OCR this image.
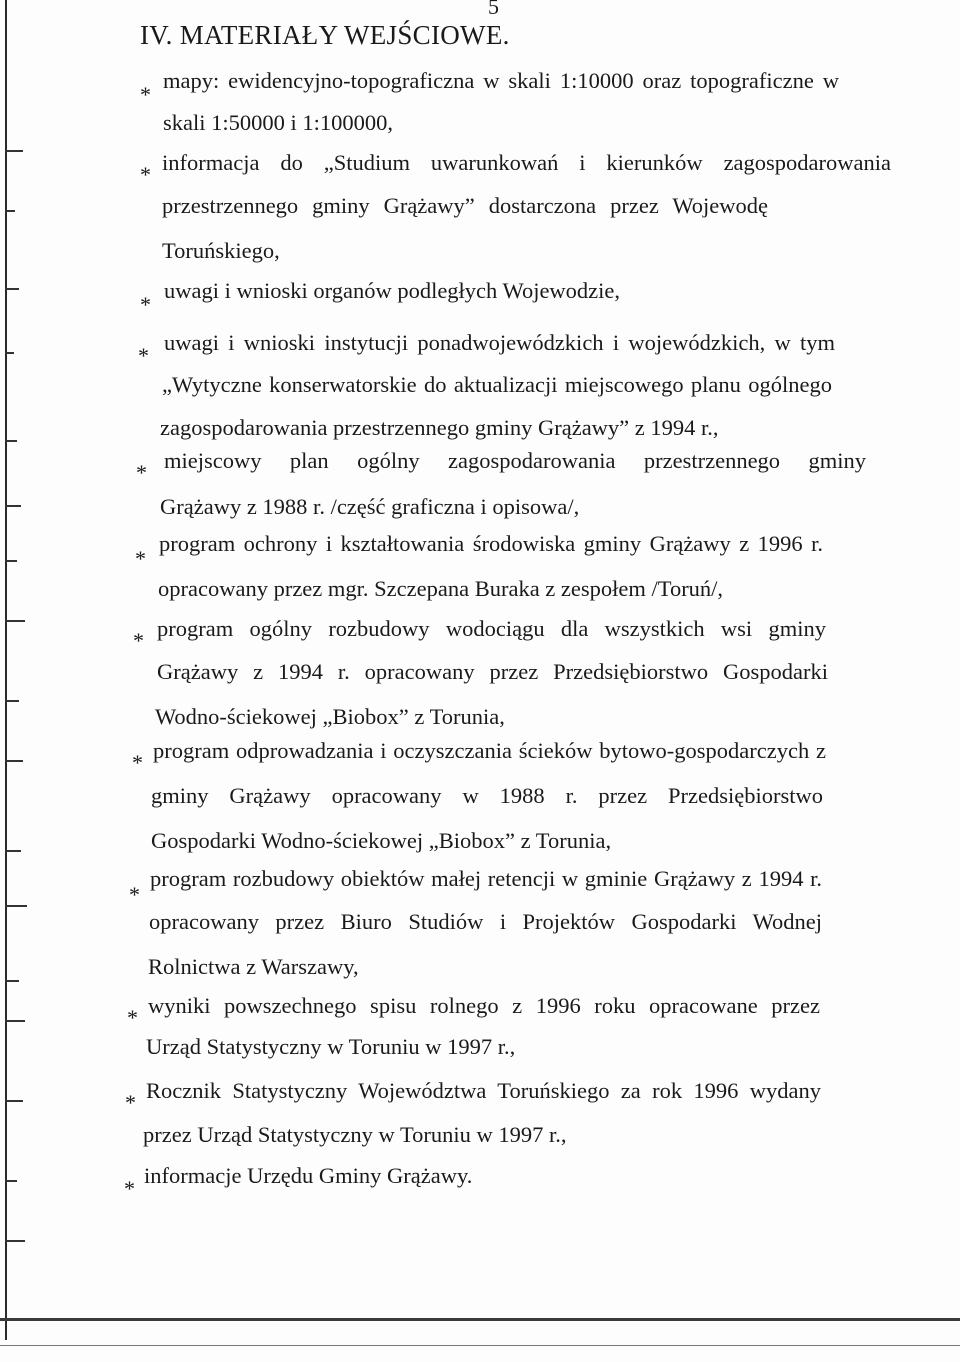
5
IV. MATERIAŁY WEJŚCIOWE.
*
mapy: ewidencyjno-topograficzna w skali 1:10000 oraz topograficzne w
skali 1:50000 i 1:100000,
* informacja do „Studium uwarunkowań i kierunków zagospodarowania
przestrzennego gminy Grążawy” dostarczona przez Wojewodę
Toruńskiego,
*
uwagi i wnioski organów podległych Wojewodzie,
*
uwagi i wnioski instytucji ponadwojewódzkich i wojewódzkich, w tym
„Wytyczne konserwatorskie do aktualizacji miejscowego planu ogólnego
zagospodarowania przestrzennego gminy Grążawy” z 1994 r.,
* miejscowy plan ogólny zagospodarowania przestrzennego gminy
Grążawy z 1988 r. /część graficzna i opisowa/,
*
program ochrony i kształtowania środowiska gminy Grążawy z 1996 r.
opracowany przez mgr. Szczepana Buraka z zespołem /Toruń/,
* program ogólny rozbudowy wodociągu dla wszystkich wsi gminy
Grążawy z 1994 r. opracowany przez Przedsiębiorstwo Gospodarki
Wodno-ściekowej „Biobox” z Torunia,
* program odprowadzania i oczyszczania ścieków bytowo-gospodarczych z
gminy Grążawy opracowany w 1988 r. przez Przedsiębiorstwo
Gospodarki Wodno-ściekowej „Biobox” z Torunia,
*
program rozbudowy obiektów małej retencji w gminie Grążawy z 1994 r.
opracowany przez Biuro Studiów i Projektów Gospodarki Wodnej
Rolnictwa z Warszawy,
* wyniki powszechnego spisu rolnego z 1996 roku opracowane przez
Urząd Statystyczny w Toruniu w 1997 r.,
* Rocznik Statystyczny Województwa Toruńskiego za rok 1996 wydany
przez Urząd Statystyczny w Toruniu w 1997 r.,
*
informacje Urzędu Gminy Grążawy.
